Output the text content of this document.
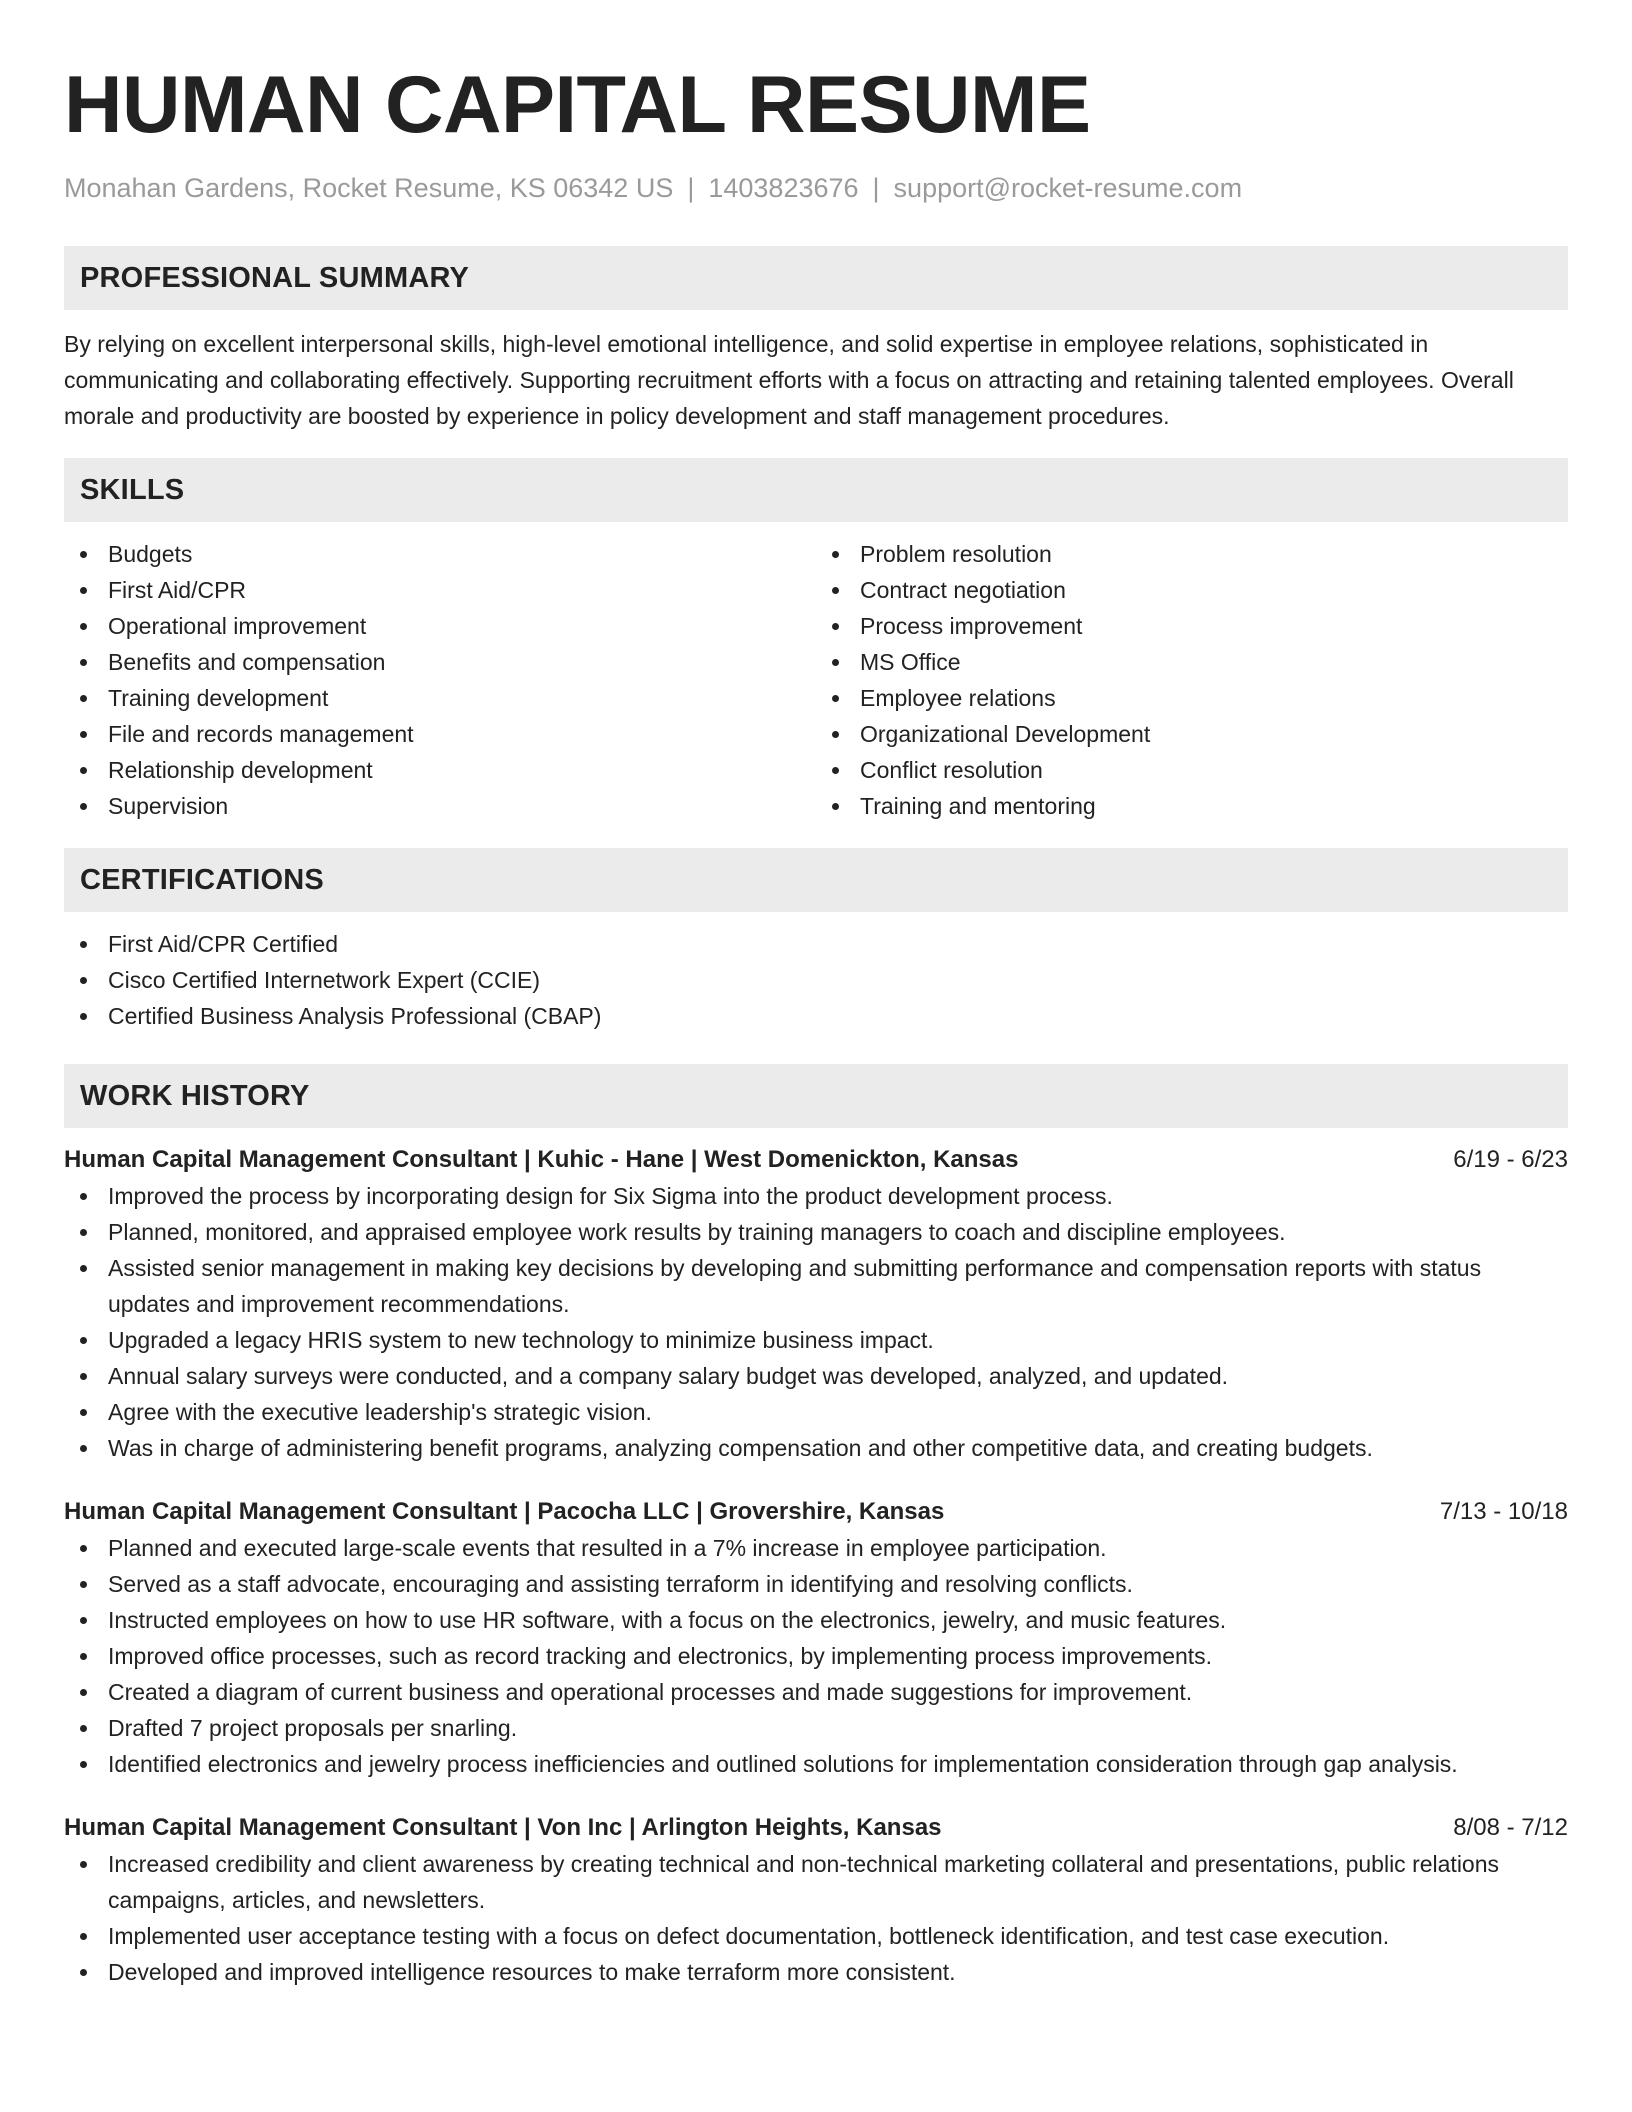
HUMAN CAPITAL RESUME
Monahan Gardens, Rocket Resume, KS 06342 US | 1403823676 | support@rocket-resume.com
PROFESSIONAL SUMMARY

By relying on excellent interpersonal skills, high-level emotional intelligence, and solid expertise in employee relations, sophisticated in communicating and collaborating effectively. Supporting recruitment efforts with a focus on attracting and retaining talented employees. Overall morale and productivity are boosted by experience in policy development and staff management procedures.

SKILLS
Budgets
First Aid/CPR
Operational improvement
Benefits and compensation
Training development
File and records management
Relationship development
Supervision
Problem resolution
Contract negotiation
Process improvement
MS Office
Employee relations
Organizational Development
Conflict resolution
Training and mentoring
CERTIFICATIONS
First Aid/CPR Certified
Cisco Certified Internetwork Expert (CCIE)
Certified Business Analysis Professional (CBAP)
WORK HISTORY
Human Capital Management Consultant | Kuhic - Hane | West Domenickton, Kansas	6/19 - 6/23
Improved the process by incorporating design for Six Sigma into the product development process.
Planned, monitored, and appraised employee work results by training managers to coach and discipline employees.
Assisted senior management in making key decisions by developing and submitting performance and compensation reports with status updates and improvement recommendations.
Upgraded a legacy HRIS system to new technology to minimize business impact.
Annual salary surveys were conducted, and a company salary budget was developed, analyzed, and updated.
Agree with the executive leadership's strategic vision.
Was in charge of administering benefit programs, analyzing compensation and other competitive data, and creating budgets.
Human Capital Management Consultant | Pacocha LLC | Grovershire, Kansas	7/13 - 10/18
Planned and executed large-scale events that resulted in a 7% increase in employee participation.
Served as a staff advocate, encouraging and assisting terraform in identifying and resolving conflicts.
Instructed employees on how to use HR software, with a focus on the electronics, jewelry, and music features.
Improved office processes, such as record tracking and electronics, by implementing process improvements.
Created a diagram of current business and operational processes and made suggestions for improvement.
Drafted 7 project proposals per snarling.
Identified electronics and jewelry process inefficiencies and outlined solutions for implementation consideration through gap analysis.
Human Capital Management Consultant | Von Inc | Arlington Heights, Kansas	8/08 - 7/12
Increased credibility and client awareness by creating technical and non-technical marketing collateral and presentations, public relations campaigns, articles, and newsletters.
Implemented user acceptance testing with a focus on defect documentation, bottleneck identification, and test case execution.
Developed and improved intelligence resources to make terraform more consistent.
